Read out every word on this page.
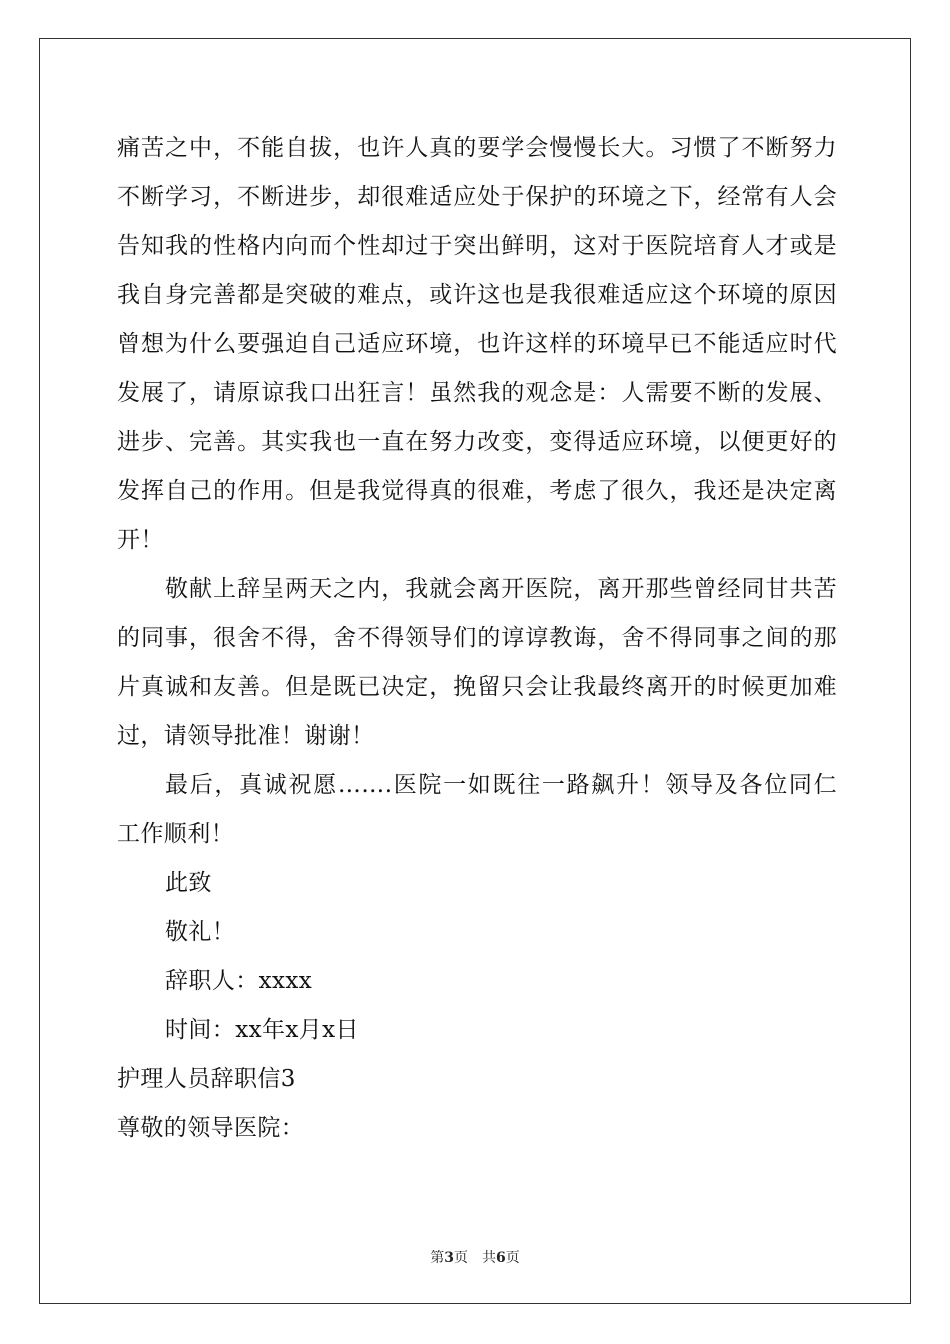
痛苦之中，不能自拔，也许人真的要学会慢慢长大。习惯了不断努力
不断学习，不断进步，却很难适应处于保护的环境之下，经常有人会
告知我的性格内向而个性却过于突出鲜明，这对于医院培育人才或是
我自身完善都是突破的难点，或许这也是我很难适应这个环境的原因
曾想为什么要强迫自己适应环境，也许这样的环境早已不能适应时代
发展了，请原谅我口出狂言！虽然我的观念是：人需要不断的发展、
进步、完善。其实我也一直在努力改变，变得适应环境，以便更好的
发挥自己的作用。但是我觉得真的很难，考虑了很久，我还是决定离
开！
敬献上辞呈两天之内，我就会离开医院，离开那些曾经同甘共苦
的同事，很舍不得，舍不得领导们的谆谆教诲，舍不得同事之间的那
片真诚和友善。但是既已决定，挽留只会让我最终离开的时候更加难
过，请领导批准！谢谢！
最后，真诚祝愿…….医院一如既往一路飙升！领导及各位同仁
工作顺利！
此致
敬礼！
辞职人：xxxx
时间：xx年x月x日
护理人员辞职信3
尊敬的领导医院：
第3页 共6页
